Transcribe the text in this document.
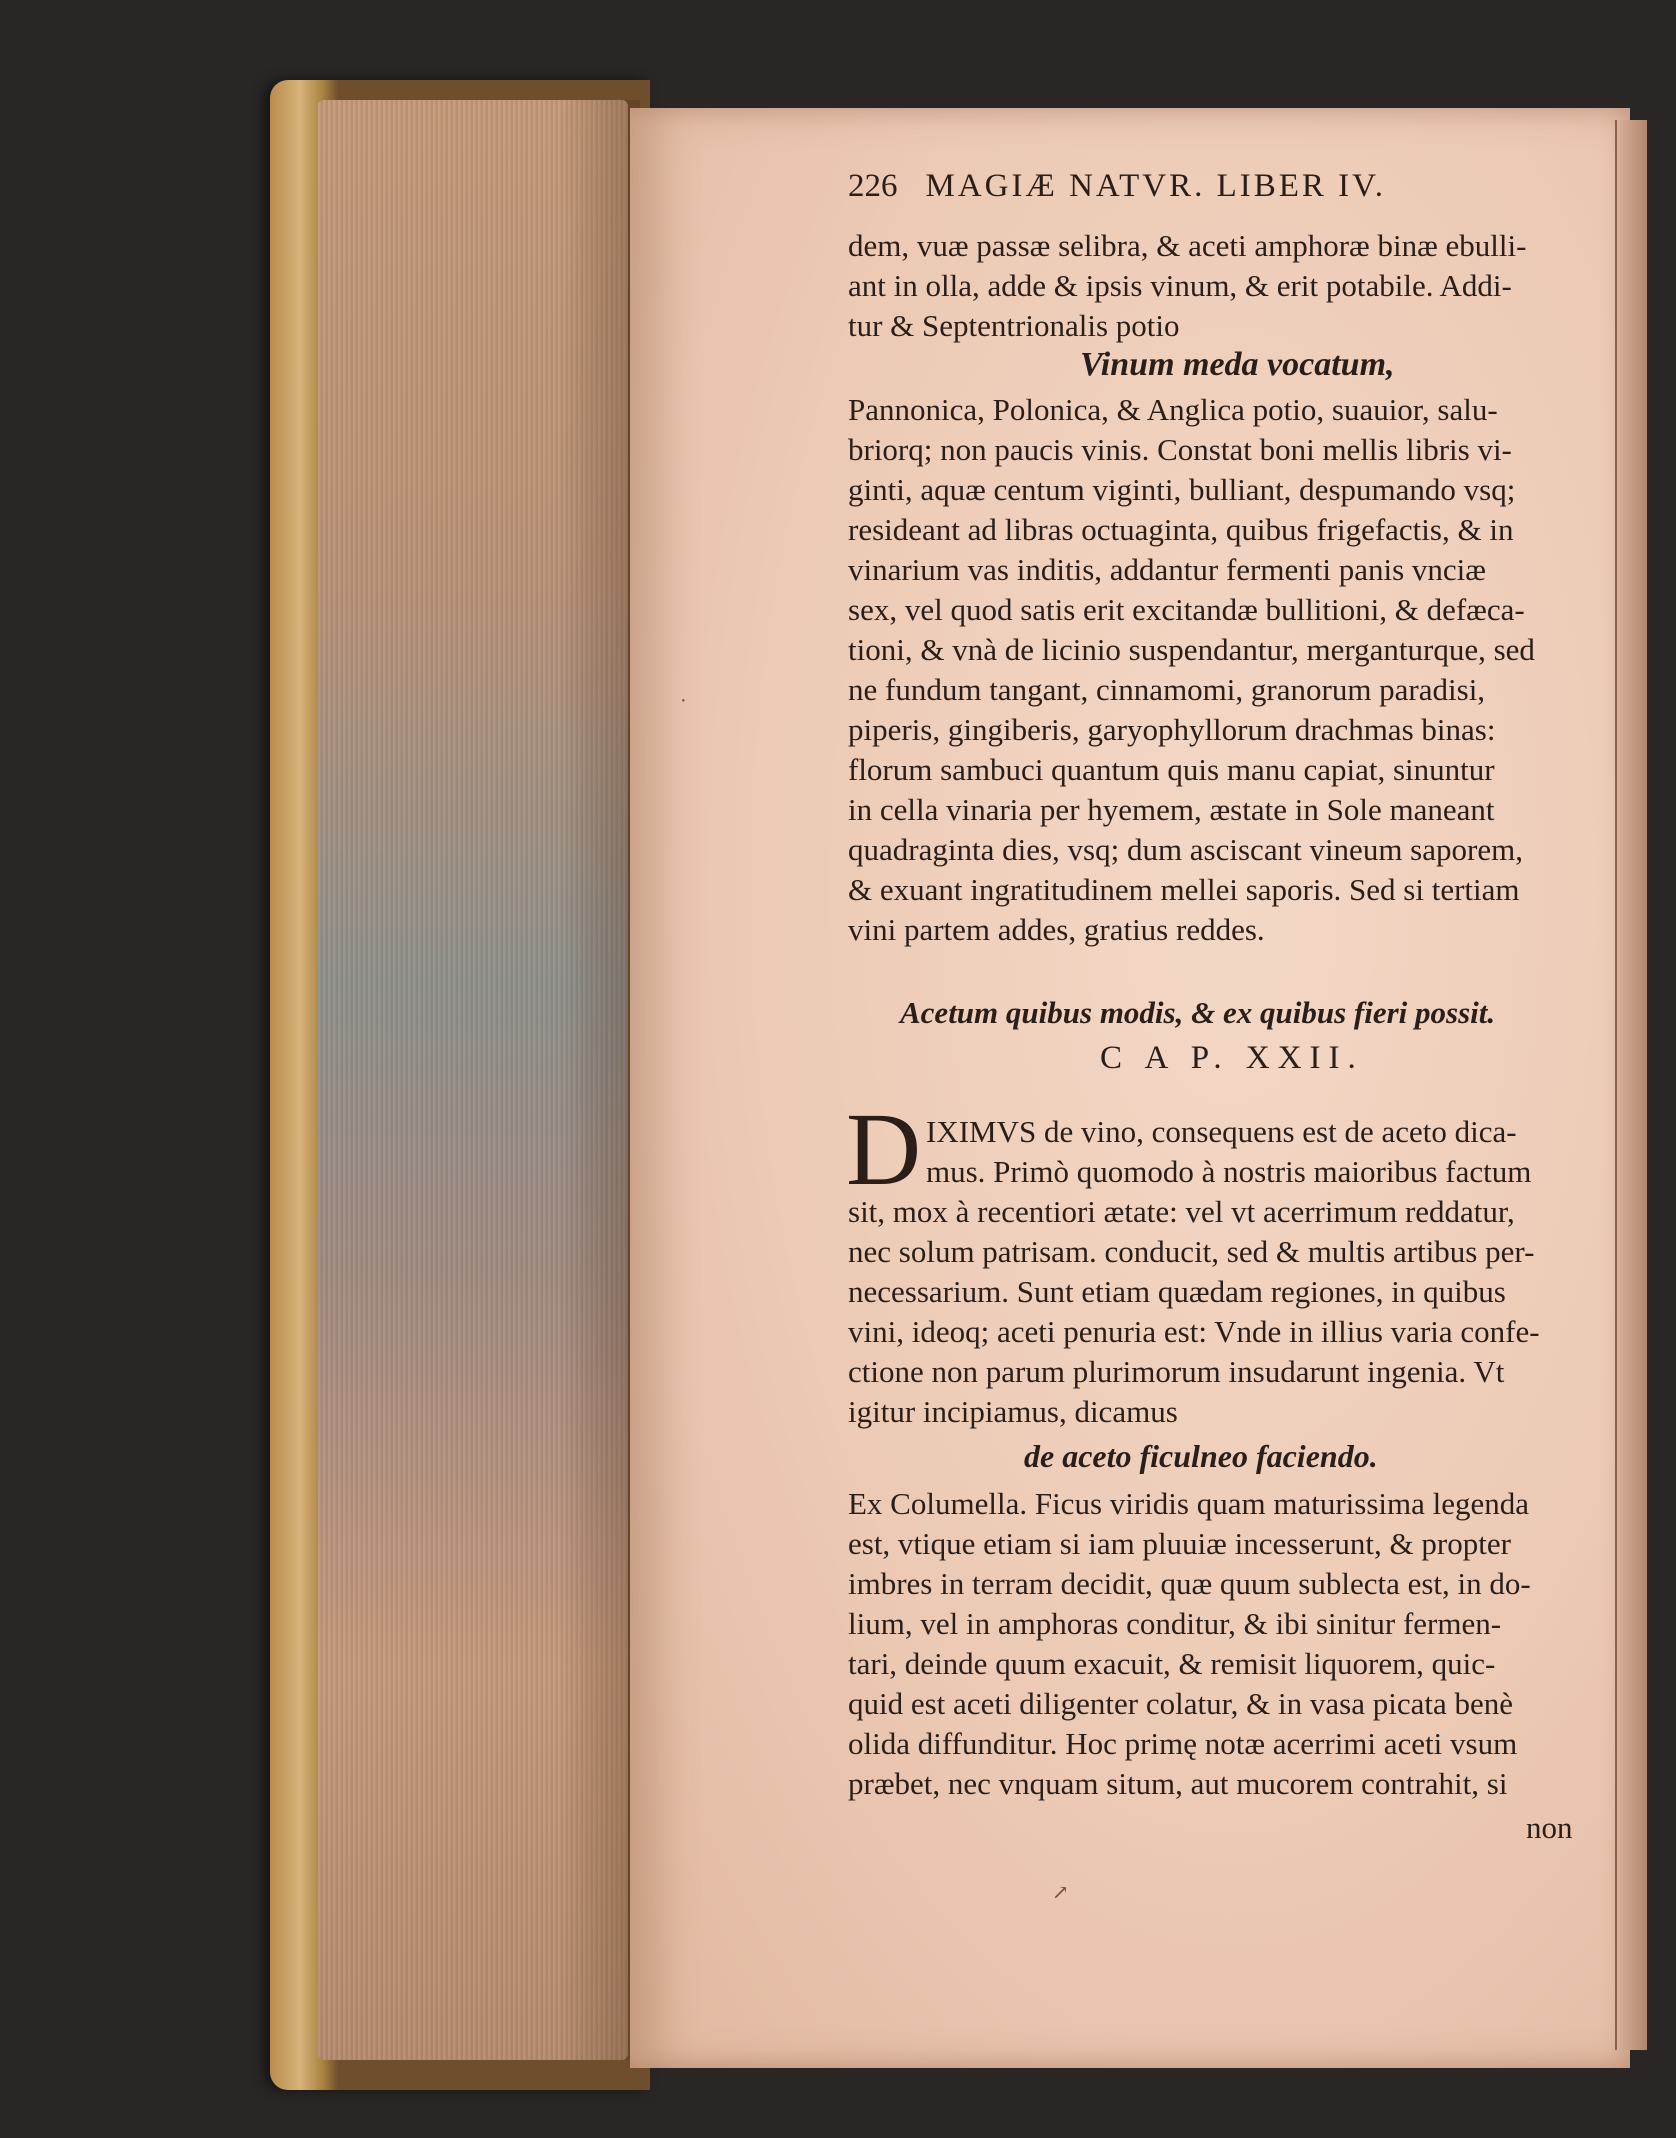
226 MAGIÆ NATVR. LIBER IV.
dem, vuæ passæ selibra, & aceti amphoræ binæ ebulli-
ant in olla, adde & ipsis vinum, & erit potabile. Addi-
tur & Septentrionalis potio
Vinum meda vocatum,
Pannonica, Polonica, & Anglica potio, suauior, salu-
briorq; non paucis vinis. Constat boni mellis libris vi-
ginti, aquæ centum viginti, bulliant, despumando vsq;
resideant ad libras octuaginta, quibus frigefactis, & in
vinarium vas inditis, addantur fermenti panis vnciæ
sex, vel quod satis erit excitandæ bullitioni, & defæca-
tioni, & vnà de licinio suspendantur, merganturque, sed
ne fundum tangant, cinnamomi, granorum paradisi,
piperis, gingiberis, garyophyllorum drachmas binas:
florum sambuci quantum quis manu capiat, sinuntur
in cella vinaria per hyemem, æstate in Sole maneant
quadraginta dies, vsq; dum asciscant vineum saporem,
& exuant ingratitudinem mellei saporis. Sed si tertiam
vini partem addes, gratius reddes.
Acetum quibus modis, & ex quibus fieri possit.
C A P. XXII.
D IXIMVS de vino, consequens est de aceto dica-
mus. Primò quomodo à nostris maioribus factum
sit, mox à recentiori ætate: vel vt acerrimum reddatur,
nec solum patrisam. conducit, sed & multis artibus per-
necessarium. Sunt etiam quædam regiones, in quibus
vini, ideoq; aceti penuria est: Vnde in illius varia confe-
ctione non parum plurimorum insudarunt ingenia. Vt
igitur incipiamus, dicamus
de aceto ficulneo faciendo.
Ex Columella. Ficus viridis quam maturissima legenda
est, vtique etiam si iam pluuiæ incesserunt, & propter
imbres in terram decidit, quæ quum sublecta est, in do-
lium, vel in amphoras conditur, & ibi sinitur fermen-
tari, deinde quum exacuit, & remisit liquorem, quic-
quid est aceti diligenter colatur, & in vasa picata benè
olida diffunditur. Hoc primę notæ acerrimi aceti vsum
præbet, nec vnquam situm, aut mucorem contrahit, si
non
·
↗
